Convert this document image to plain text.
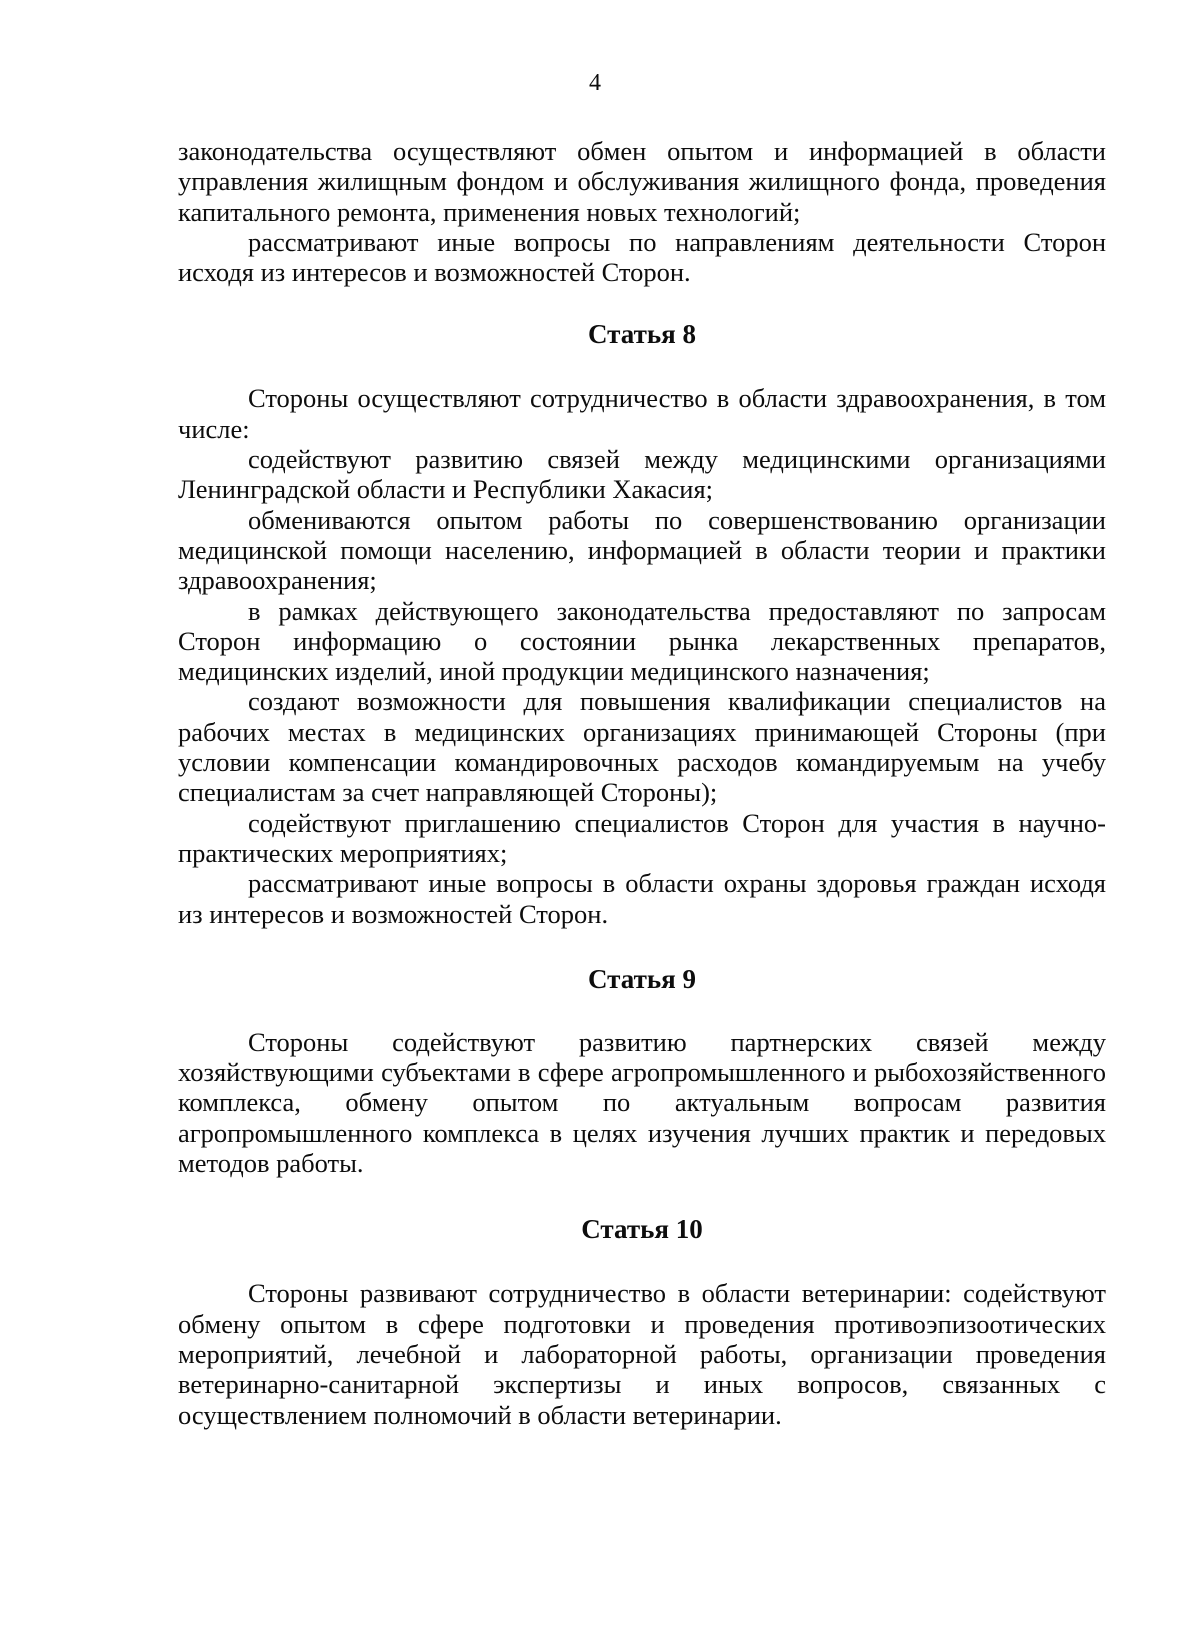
4

законодательства осуществляют обмен опытом и информацией в области управления жилищным фондом и обслуживания жилищного фонда, проведения капитального ремонта, применения новых технологий;

рассматривают иные вопросы по направлениям деятельности Сторон исходя из интересов и возможностей Сторон.

Статья 8

Стороны осуществляют сотрудничество в области здравоохранения, в том числе:

содействуют развитию связей между медицинскими организациями Ленинградской области и Республики Хакасия;

обмениваются опытом работы по совершенствованию организации медицинской помощи населению, информацией в области теории и практики здравоохранения;

в рамках действующего законодательства предоставляют по запросам Сторон информацию о состоянии рынка лекарственных препаратов, медицинских изделий, иной продукции медицинского назначения;

создают возможности для повышения квалификации специалистов на рабочих местах в медицинских организациях принимающей Стороны (при условии компенсации командировочных расходов командируемым на учебу специалистам за счет направляющей Стороны);

содействуют приглашению специалистов Сторон для участия в научно-практических мероприятиях;

рассматривают иные вопросы в области охраны здоровья граждан исходя из интересов и возможностей Сторон.

Статья 9

Стороны содействуют развитию партнерских связей между хозяйствующими субъектами в сфере агропромышленного и рыбохозяйственного комплекса, обмену опытом по актуальным вопросам развития агропромышленного комплекса в целях изучения лучших практик и передовых методов работы.

Статья 10

Стороны развивают сотрудничество в области ветеринарии: содействуют обмену опытом в сфере подготовки и проведения противоэпизоотических мероприятий, лечебной и лабораторной работы, организации проведения ветеринарно-санитарной экспертизы и иных вопросов, связанных с осуществлением полномочий в области ветеринарии.
